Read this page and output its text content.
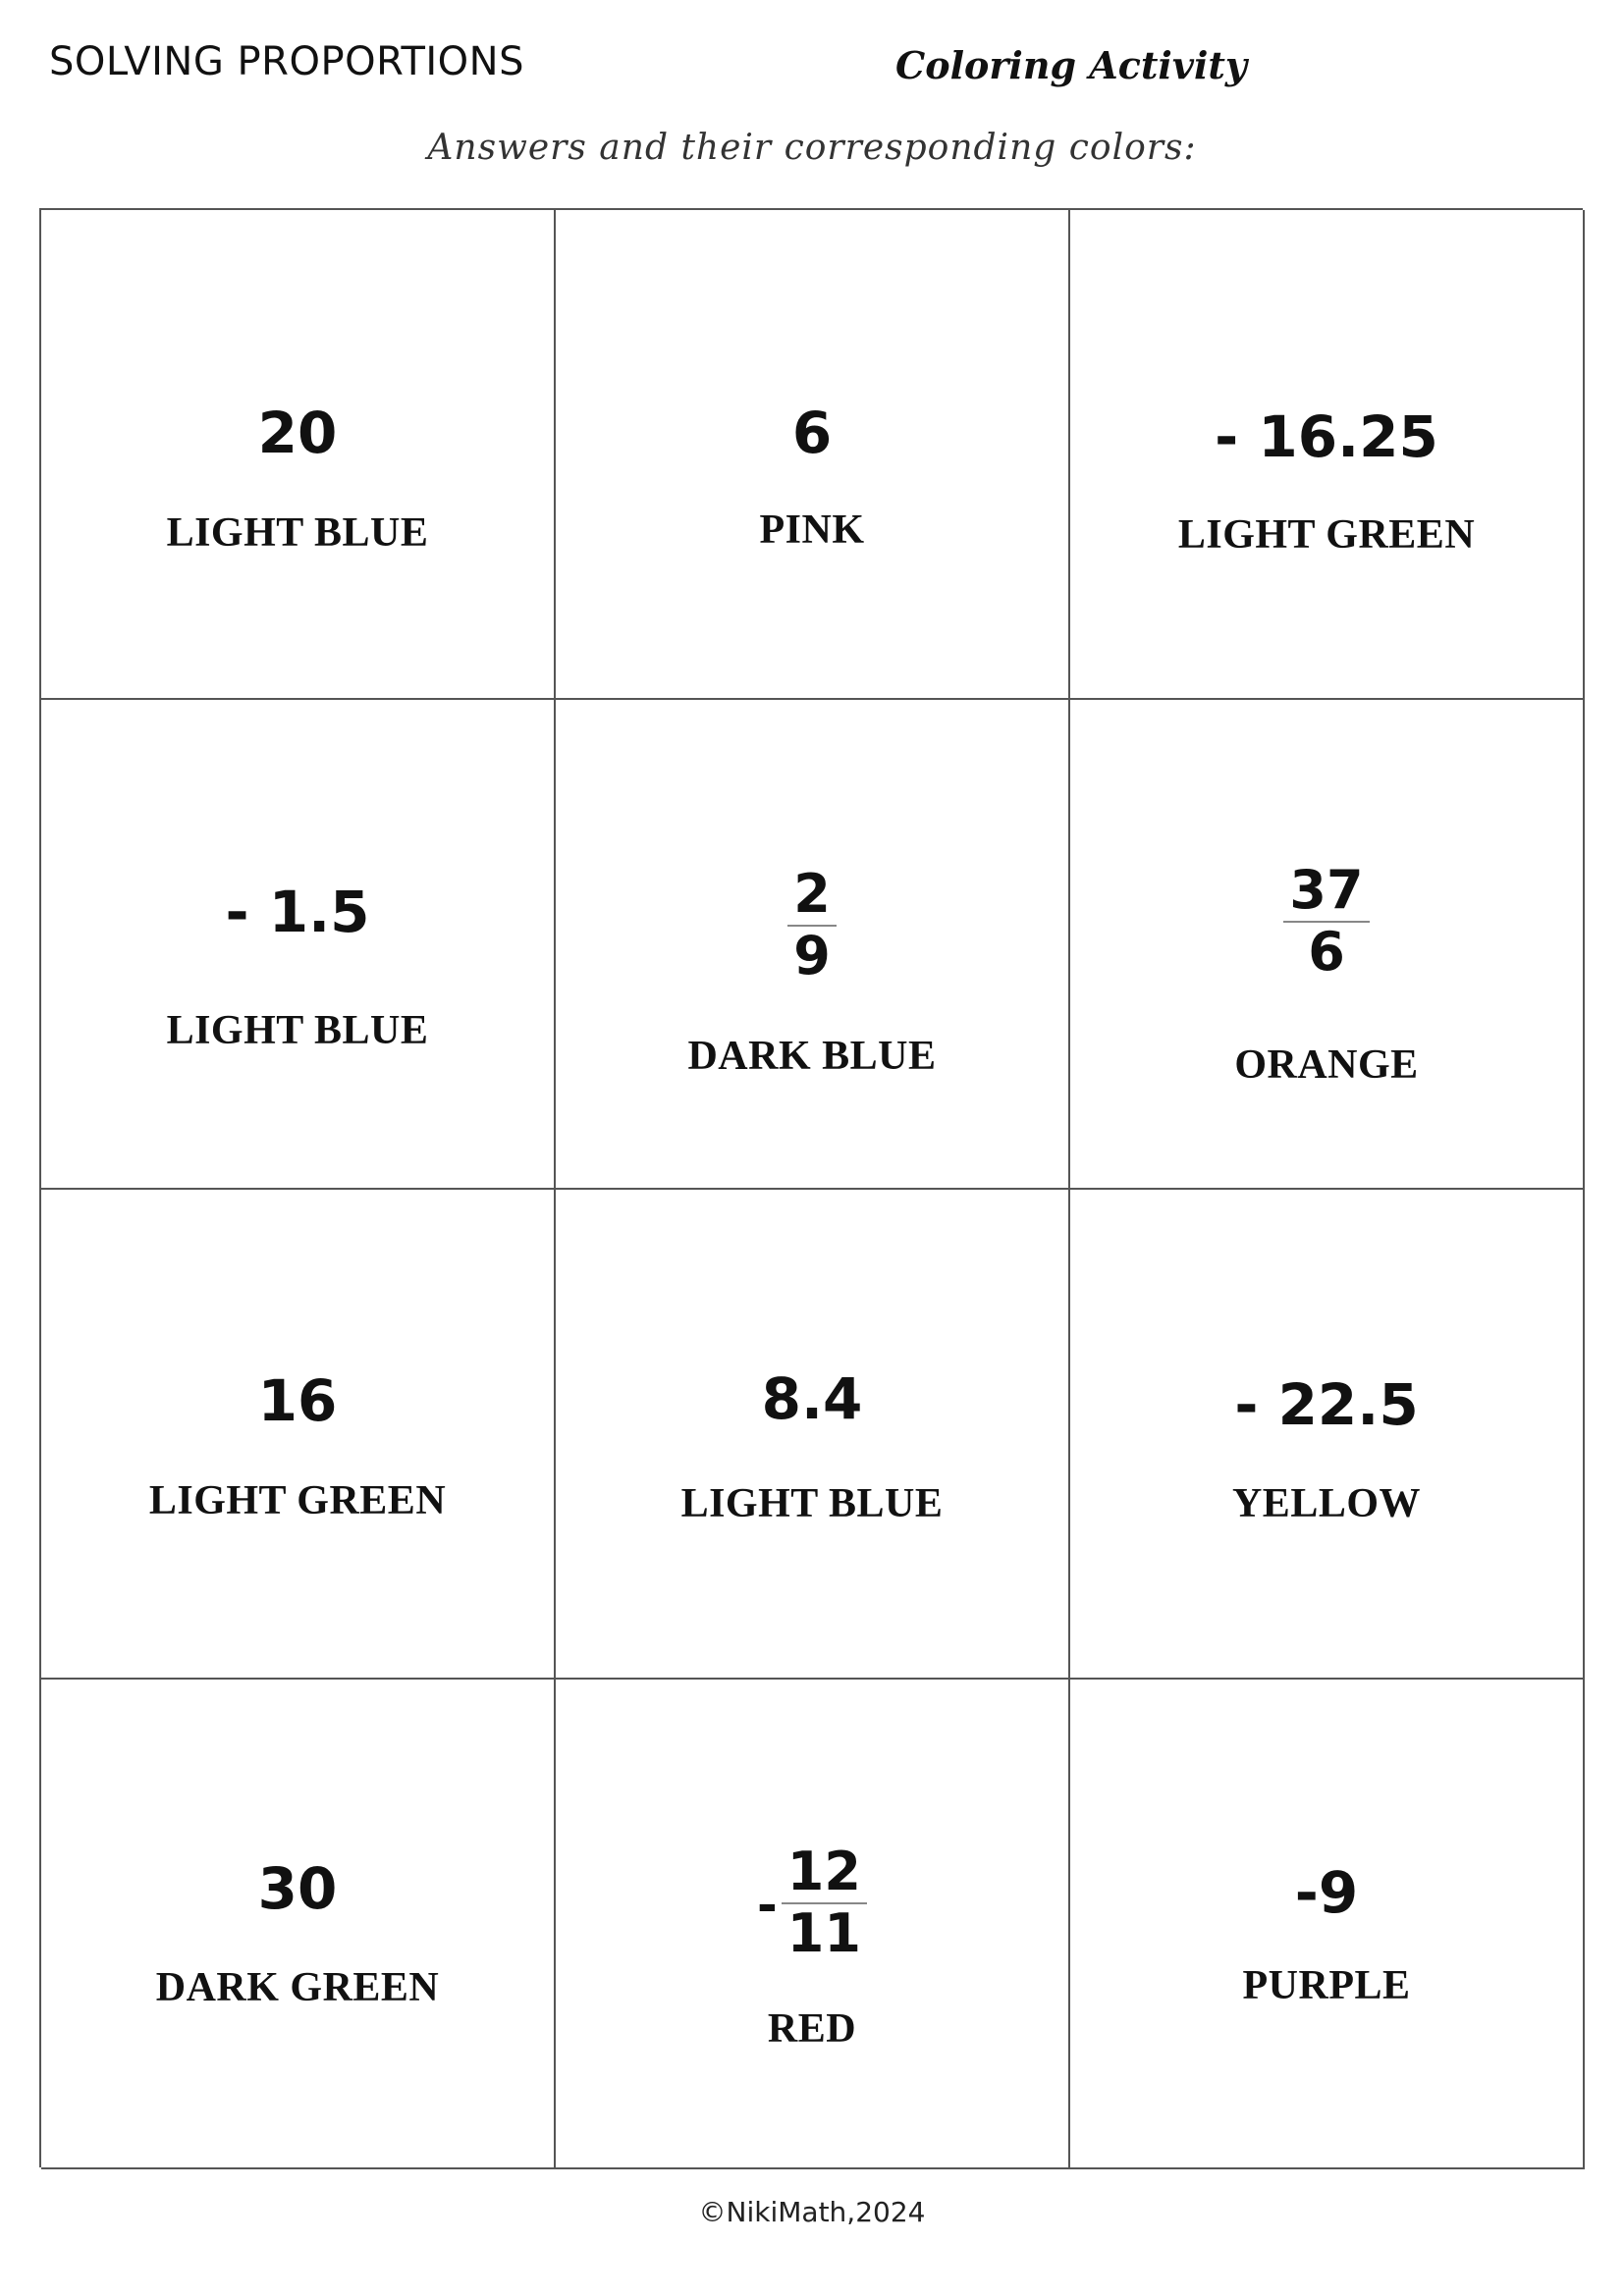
SOLVING PROPORTIONS	Coloring Activity
Answers and their corresponding colors:
20
LIGHT BLUE
6
PINK
- 16.25
LIGHT GREEN
- 1.5
LIGHT BLUE
$\frac{2}{9}$
DARK BLUE
$\frac{37}{6}$
ORANGE
16
LIGHT GREEN
8.4
LIGHT BLUE
- 22.5
YELLOW
30
DARK GREEN
- $\frac{12}{11}$
RED
-9
PURPLE
©NikiMath,2024
